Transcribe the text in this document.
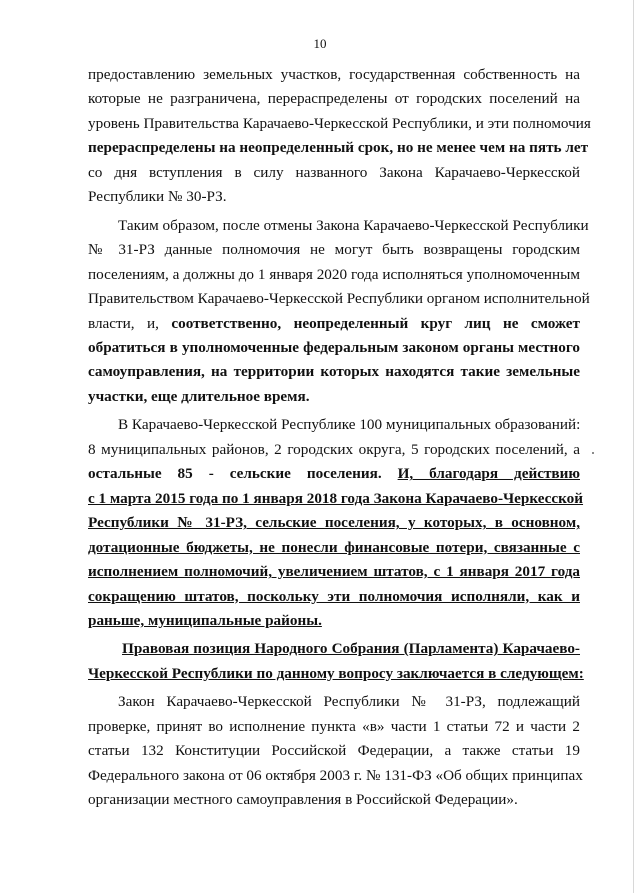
10
предоставлению земельных участков, государственная собственность на
которые не разграничена, перераспределены от городских поселений на
уровень Правительства Карачаево-Черкесской Республики, и эти полномочия
перераспределены на неопределенный срок, но не менее чем на пять лет
со дня вступления в силу названного Закона Карачаево-Черкесской
Республики № 30-РЗ.
Таким образом, после отмены Закона Карачаево-Черкесской Республики
№ 31-РЗ данные полномочия не могут быть возвращены городским
поселениям, а должны до 1 января 2020 года исполняться уполномоченным
Правительством Карачаево-Черкесской Республики органом исполнительной
власти, и, соответственно, неопределенный круг лиц не сможет
обратиться в уполномоченные федеральным законом органы местного
самоуправления, на территории которых находятся такие земельные
участки, еще длительное время.
В Карачаево-Черкесской Республике 100 муниципальных образований:
8 муниципальных районов, 2 городских округа, 5 городских поселений, а
остальные 85 - сельские поселения. И, благодаря действию
с 1 марта 2015 года по 1 января 2018 года Закона Карачаево-Черкесской
Республики № 31-РЗ, сельские поселения, у которых, в основном,
дотационные бюджеты, не понесли финансовые потери, связанные с
исполнением полномочий, увеличением штатов, с 1 января 2017 года
сокращению штатов, поскольку эти полномочия исполняли, как и
раньше, муниципальные районы.
Правовая позиция Народного Собрания (Парламента) Карачаево-
Черкесской Республики по данному вопросу заключается в следующем:
Закон Карачаево-Черкесской Республики № 31-РЗ, подлежащий
проверке, принят во исполнение пункта «в» части 1 статьи 72 и части 2
статьи 132 Конституции Российской Федерации, а также статьи 19
Федерального закона от 06 октября 2003 г. № 131-ФЗ «Об общих принципах
организации местного самоуправления в Российской Федерации».
